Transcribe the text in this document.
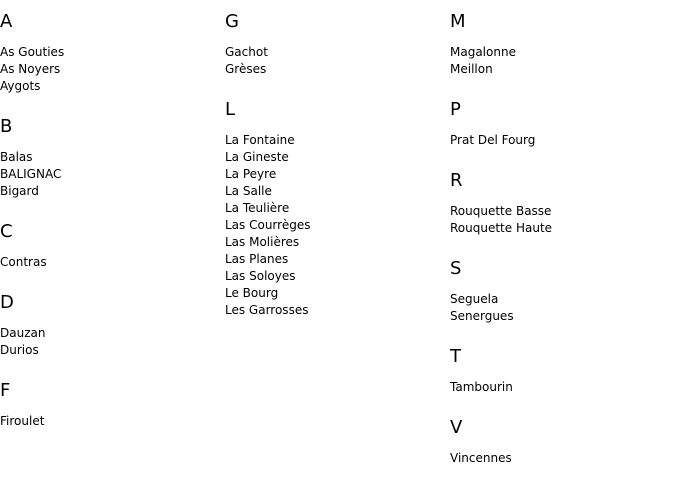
A
As Gouties
As Noyers
Aygots
B
Balas
BALIGNAC
Bigard
C
Contras
D
Dauzan
Durios
F
Firoulet
G
Gachot
Grèses
L
La Fontaine
La Gineste
La Peyre
La Salle
La Teulière
Las Courrèges
Las Molières
Las Planes
Las Soloyes
Le Bourg
Les Garrosses
M
Magalonne
Meillon
P
Prat Del Fourg
R
Rouquette Basse
Rouquette Haute
S
Seguela
Senergues
T
Tambourin
V
Vincennes
